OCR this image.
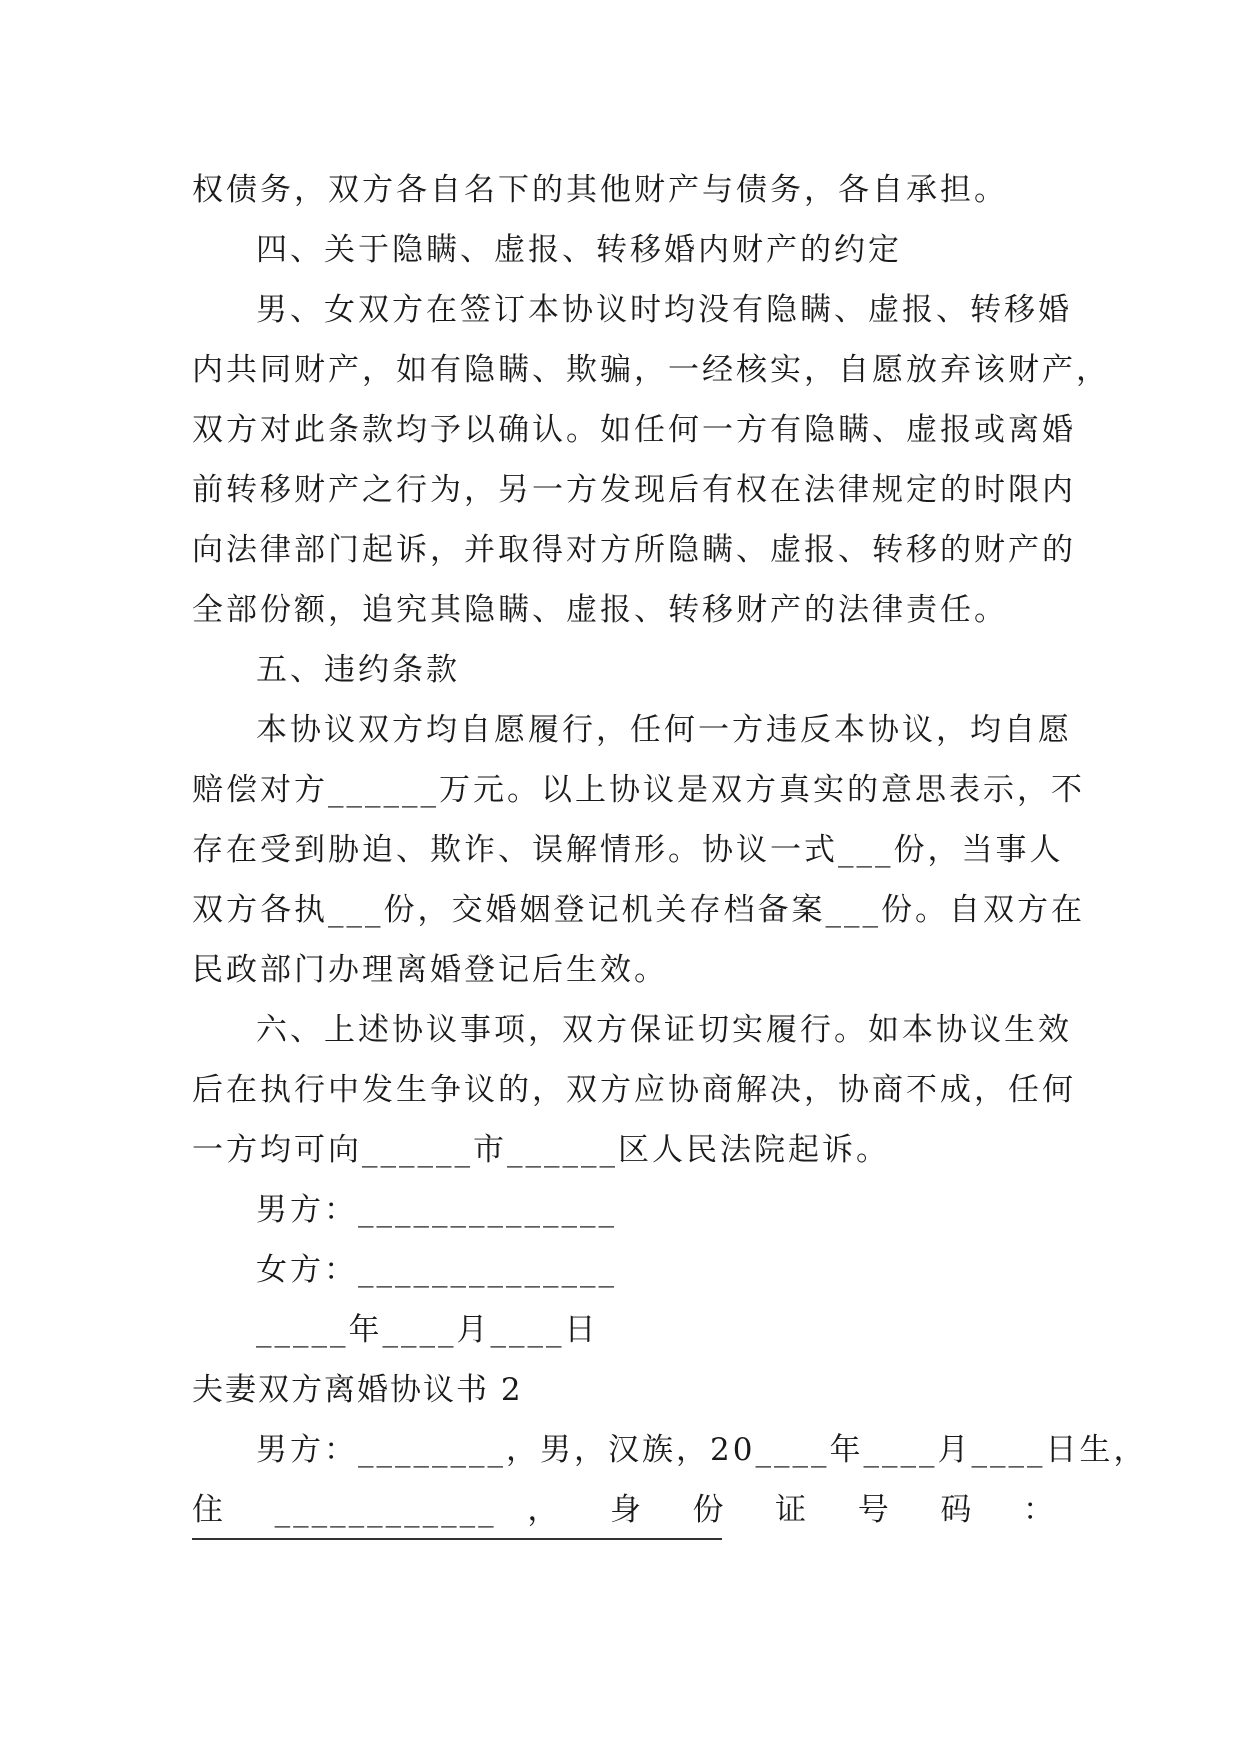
权债务，双方各自名下的其他财产与债务，各自承担。
四、关于隐瞒、虚报、转移婚内财产的约定
男、女双方在签订本协议时均没有隐瞒、虚报、转移婚
内共同财产，如有隐瞒、欺骗，一经核实，自愿放弃该财产，
双方对此条款均予以确认。如任何一方有隐瞒、虚报或离婚
前转移财产之行为，另一方发现后有权在法律规定的时限内
向法律部门起诉，并取得对方所隐瞒、虚报、转移的财产的
全部份额，追究其隐瞒、虚报、转移财产的法律责任。
五、违约条款
本协议双方均自愿履行，任何一方违反本协议，均自愿
赔偿对方______万元。以上协议是双方真实的意思表示，不
存在受到胁迫、欺诈、误解情形。协议一式___份，当事人
双方各执___份，交婚姻登记机关存档备案___份。自双方在
民政部门办理离婚登记后生效。
六、上述协议事项，双方保证切实履行。如本协议生效
后在执行中发生争议的，双方应协商解决，协商不成，任何
一方均可向______市______区人民法院起诉。
男方：______________
女方：______________
_____年____月____日
夫妻双方离婚协议书 2
男方：________，男，汉族，20____年____月____日生，
住 ____________ ， 身 份 证 号 码 ：
